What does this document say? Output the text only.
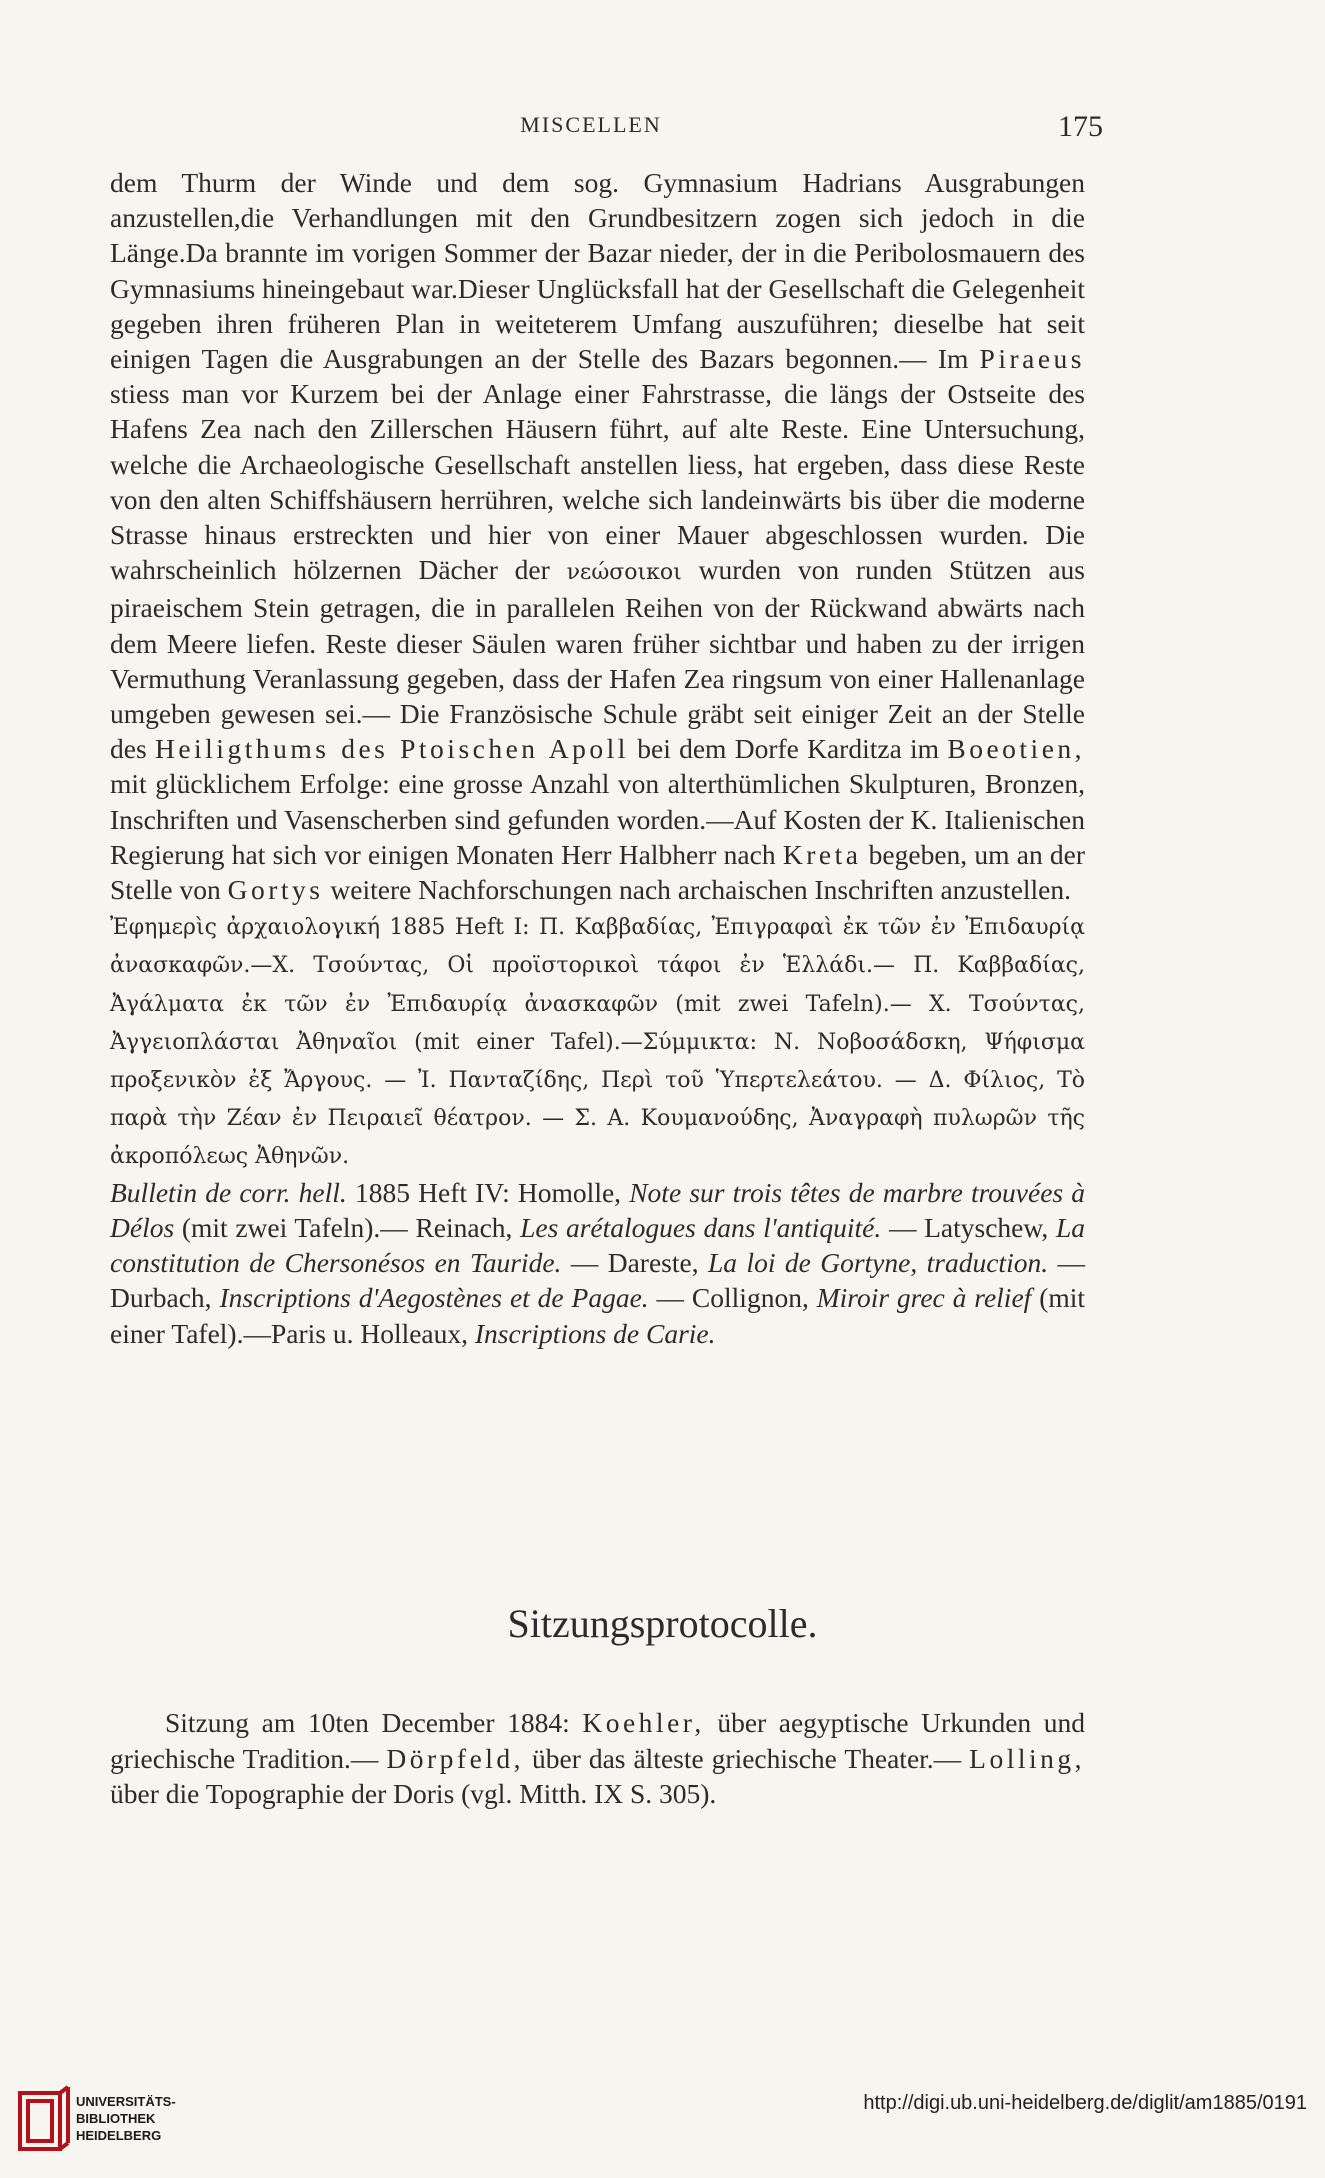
MISCELLEN	175

dem Thurm der Winde und dem sog. Gymnasium Hadrians Ausgrabungen anzustellen,die Verhandlungen mit den Grundbesitzern zogen sich jedoch in die Länge.Da brannte im vorigen Sommer der Bazar nieder, der in die Peribolosmauern des Gymnasiums hineingebaut war.Dieser Unglücksfall hat der Gesellschaft die Gelegenheit gegeben ihren früheren Plan in weiteterem Umfang auszuführen; dieselbe hat seit einigen Tagen die Ausgrabungen an der Stelle des Bazars begonnen.— Im Piraeus stiess man vor Kurzem bei der Anlage einer Fahrstrasse, die längs der Ostseite des Hafens Zea nach den Zillerschen Häusern führt, auf alte Reste. Eine Untersuchung, welche die Archaeologische Gesellschaft anstellen liess, hat ergeben, dass diese Reste von den alten Schiffshäusern herrühren, welche sich landeinwärts bis über die moderne Strasse hinaus erstreckten und hier von einer Mauer abgeschlossen wurden. Die wahrscheinlich hölzernen Dächer der νεώσοικοι wurden von runden Stützen aus piraeischem Stein getragen, die in parallelen Reihen von der Rückwand abwärts nach dem Meere liefen. Reste dieser Säulen waren früher sichtbar und haben zu der irrigen Vermuthung Veranlassung gegeben, dass der Hafen Zea ringsum von einer Hallenanlage umgeben gewesen sei.— Die Französische Schule gräbt seit einiger Zeit an der Stelle des Heiligthums des Ptoischen Apoll bei dem Dorfe Karditza im Boeotien, mit glücklichem Erfolge: eine grosse Anzahl von alterthümlichen Skulpturen, Bronzen, Inschriften und Vasenscherben sind gefunden worden.—Auf Kosten der K. Italienischen Regierung hat sich vor einigen Monaten Herr Halbherr nach Kreta begeben, um an der Stelle von Gortys weitere Nachforschungen nach archaischen Inschriften anzustellen.

Ἐφημερὶς ἀρχαιολογική 1885 Heft I: Π. Καββαδίας, Ἐπιγραφαὶ ἐκ τῶν ἐν Ἐπιδαυρίᾳ ἀνασκαφῶν.—Χ. Τσούντας, Οἱ προϊστορικοὶ τάφοι ἐν Ἑλλάδι.— Π. Καββαδίας, Ἀγάλματα ἐκ τῶν ἐν Ἐπιδαυρίᾳ ἀνασκαφῶν (mit zwei Tafeln).— Χ. Τσούντας, Ἀγγειοπλάσται Ἀθηναῖοι (mit einer Tafel).—Σύμμικτα: Ν. Νοβοσάδσκη, Ψήφισμα προξενικὸν ἐξ Ἄργους. — Ἰ. Πανταζίδης, Περὶ τοῦ Ὑπερτελεάτου. — Δ. Φίλιος, Τὸ παρὰ τὴν Ζέαν ἐν Πειραιεῖ θέατρον. — Σ. Α. Κουμανούδης, Ἀναγραφὴ πυλωρῶν τῆς ἀκροπόλεως Ἀθηνῶν.

Bulletin de corr. hell. 1885 Heft IV: Homolle, Note sur trois têtes de marbre trouvées à Délos (mit zwei Tafeln).— Reinach, Les arétalogues dans l'antiquité. — Latyschew, La constitution de Chersonésos en Tauride. — Dareste, La loi de Gortyne, traduction. — Durbach, Inscriptions d'Aegostènes et de Pagae. — Collignon, Miroir grec à relief (mit einer Tafel).—Paris u. Holleaux, Inscriptions de Carie.

Sitzungsprotocolle.
Sitzung am 10ten December 1884: Koehler, über aegyptische Urkunden und griechische Tradition.— Dörpfeld, über das älteste griechische Theater.— Lolling, über die Topographie der Doris (vgl. Mitth. IX S. 305).
UNIVERSITÄTS-
BIBLIOTHEK
HEIDELBERG
http://digi.ub.uni-heidelberg.de/diglit/am1885/0191
